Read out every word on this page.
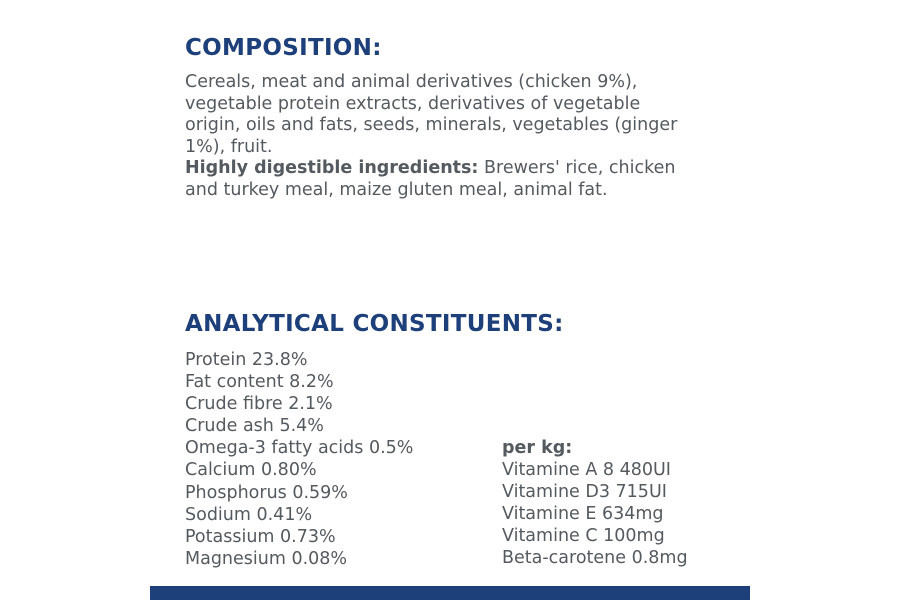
COMPOSITION:

Cereals, meat and animal derivatives (chicken 9%),
vegetable protein extracts, derivatives of vegetable
origin, oils and fats, seeds, minerals, vegetables (ginger
1%), fruit.

Highly digestible ingredients: Brewers' rice, chicken
and turkey meal, maize gluten meal, animal fat.

ANALYTICAL CONSTITUENTS:
Protein 23.8%
Fat content 8.2%
Crude fibre 2.1%
Crude ash 5.4%
Omega-3 fatty acids 0.5%
Calcium 0.80%
Phosphorus 0.59%
Sodium 0.41%
Potassium 0.73%
Magnesium 0.08%
per kg:
Vitamine A 8 480UI
Vitamine D3 715UI
Vitamine E 634mg
Vitamine C 100mg
Beta-carotene 0.8mg
